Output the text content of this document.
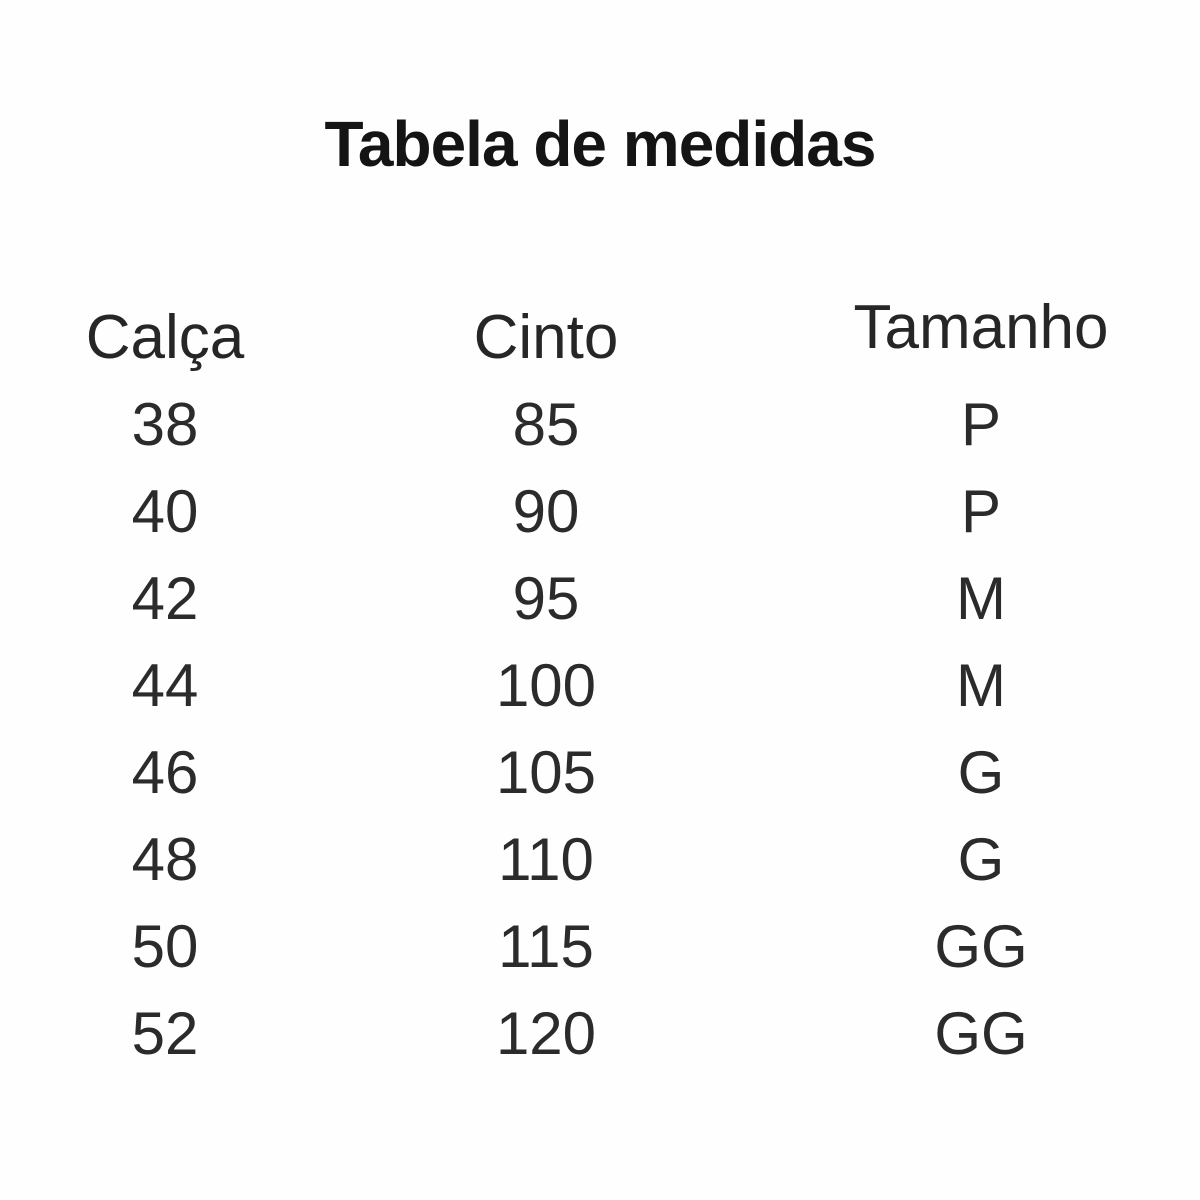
Tabela de medidas
Calça	Cinto	Tamanho
38	85	P
40	90	P
42	95	M
44	100	M
46	105	G
48	110	G
50	115	GG
52	120	GG
